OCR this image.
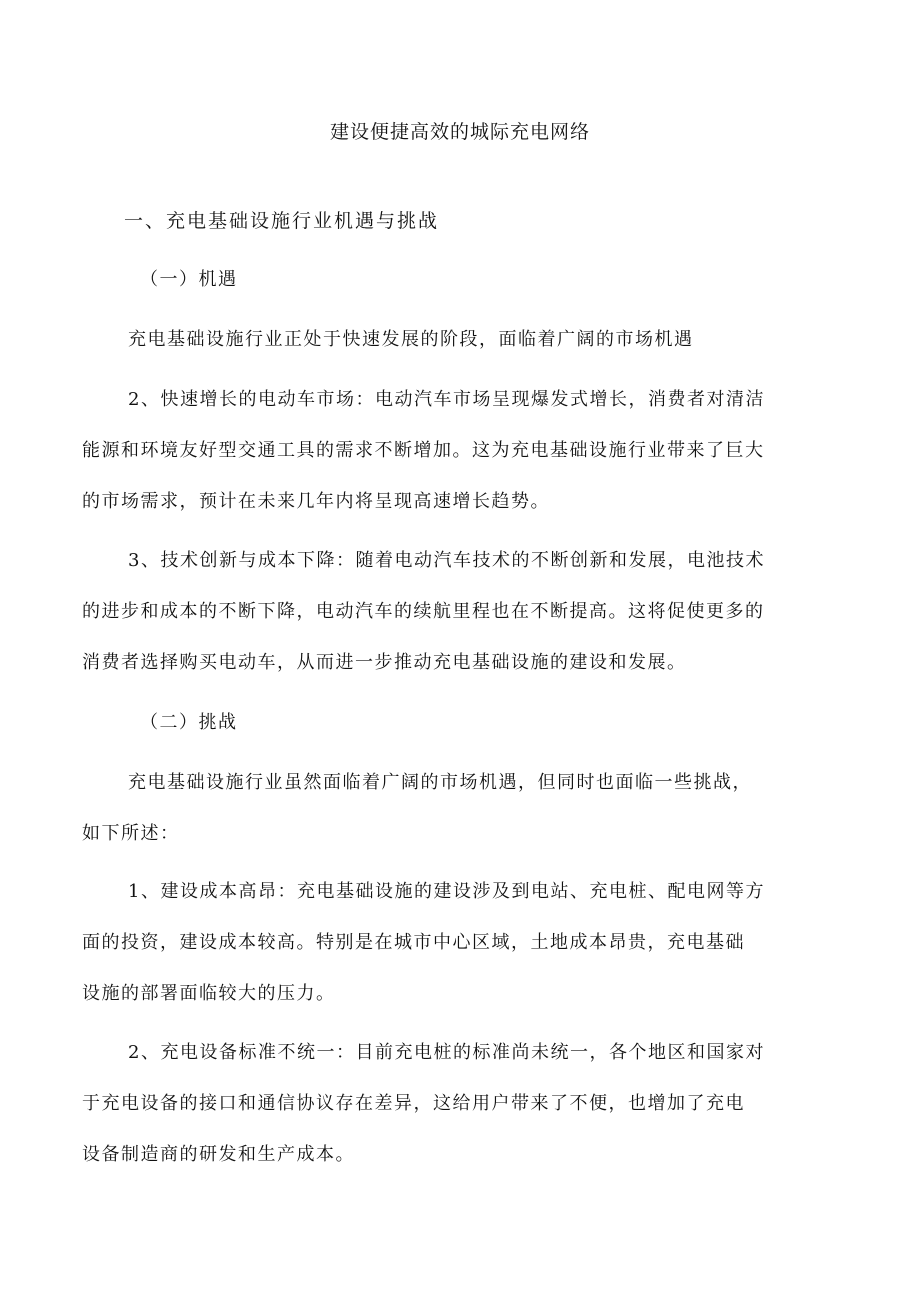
建设便捷高效的城际充电网络
一、充电基础设施行业机遇与挑战
（一）机遇
充电基础设施行业正处于快速发展的阶段，面临着广阔的市场机遇
2、快速增长的电动车市场：电动汽车市场呈现爆发式增长，消费者对清洁
能源和环境友好型交通工具的需求不断增加。这为充电基础设施行业带来了巨大
的市场需求，预计在未来几年内将呈现高速增长趋势。
3、技术创新与成本下降：随着电动汽车技术的不断创新和发展，电池技术
的进步和成本的不断下降，电动汽车的续航里程也在不断提高。这将促使更多的
消费者选择购买电动车，从而进一步推动充电基础设施的建设和发展。
（二）挑战
充电基础设施行业虽然面临着广阔的市场机遇，但同时也面临一些挑战，
如下所述：
1、建设成本高昂：充电基础设施的建设涉及到电站、充电桩、配电网等方
面的投资，建设成本较高。特别是在城市中心区域，土地成本昂贵，充电基础
设施的部署面临较大的压力。
2、充电设备标准不统一：目前充电桩的标准尚未统一，各个地区和国家对
于充电设备的接口和通信协议存在差异，这给用户带来了不便，也增加了充电
设备制造商的研发和生产成本。
